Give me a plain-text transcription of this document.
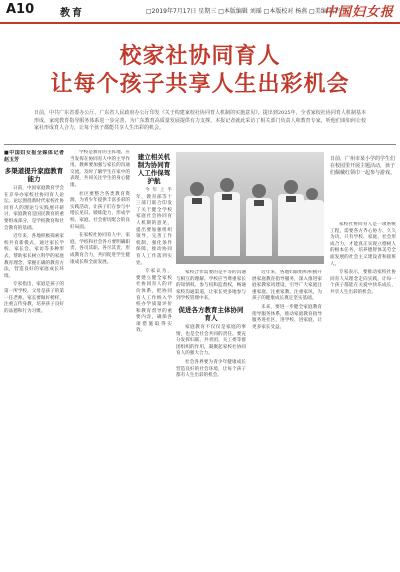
A10	教育	□2019年7月17日 星期三 □本版编辑 刘瑶 □本版校对 杨燕 □美编 蒋兴宇
中国妇女报
校家社协同育人
让每个孩子共享人生出彩机会
日前，中共广东省委办公厅、广东省人民政府办公厅印发《关于构建家校社协同育人机制的实施意见》，提出到2025年，全省家校社协同育人机制基本形成，家庭教育指导服务体系进一步完善，为广东教育高质量发展提供有力支撑。本报记者就此采访了相关部门负责人和教育专家，听他们谈如何让校家社形成育人合力，让每个孩子都能共享人生出彩的机会。
■中国妇女报全媒体记者 赵玉芳
多渠道提升家庭教育能力

日前，中国家庭教育学会在京举办家校社协同育人论坛。论坛围绕新时代家校社协同育人的理论与实践展开研讨，家庭教育是国民教育的重要组成部分，是学校教育和社会教育的基础。

近年来，各地积极探索家校共育新模式，通过家长学校、家长会、家访等多种形式，帮助家长树立科学的家庭教育理念，掌握正确的教育方法，营造良好的家庭成长环境。

专家指出，家庭是孩子的第一所学校，父母是孩子的第一任老师。家长要做好榜样，注重言传身教，培养孩子良好的品德和行为习惯。

学校是教育的主阵地，应当发挥在协同育人中的主导作用。教师要加强与家长的沟通交流，及时了解学生在家中的表现，共同关注学生的身心健康。

社区要整合各类教育资源，为青少年提供丰富多彩的实践活动，让孩子们在参与中增长见识、锻炼能力，形成学校、家庭、社会密切配合的良好局面。

在家校社协同育人中，家庭、学校和社会各方要明确职责，各司其职、各尽其责，形成教育合力，共同促进学生健康成长和全面发展。

建立相关机制为协同育人工作保驾护航

今年上半年，教育部等十三部门联合印发了关于健全学校家庭社会协同育人机制的意见，提出要加强组织领导，完善工作机制，强化条件保障，推动协同育人工作落到实处。

专家认为，要建立健全家校社协同育人的评价体系，把协同育人工作纳入学校办学质量评价和教育督导的重要内容，确保各项措施取得实效。

日前，广州市某小学的学生们在校园里开展主题活动，孩子们佩戴红领巾一起参与游戏。

家校合作需要的是平等的沟通与相互的理解。学校应当尊重家长的知情权、参与权和监督权，畅通家校沟通渠道，让家长更多地参与到学校管理中来。

促进各方教育主体协同育人

家庭教育不仅仅是家庭的事情，也是全社会共同的责任。要充分发挥妇联、共青团、关工委等群团组织的作用，凝聚起家校社协同育人的强大合力。

社会各界要为青少年健康成长营造良好的社会环境，让每个孩子都有人生出彩的机会。

近年来，各地妇联组织积极开展家庭教育指导服务，深入推进家庭家教家风建设，引导广大家庭注重家庭、注重家教、注重家风，为孩子的健康成长奠定坚实基础。

未来，要进一步健全家庭教育指导服务体系，推动家庭教育指导服务进社区、进学校、进家庭，让更多家长受益。

家校社协同育人是一项系统工程，需要各方齐心协力、久久为功。只有学校、家庭、社会形成合力，才能真正实现立德树人的根本任务，培养德智体美劳全面发展的社会主义建设者和接班人。

专家表示，要推动家校社协同育人从理念走向实践，让每一个孩子都能在关爱中快乐成长，共享人生出彩的机会。
